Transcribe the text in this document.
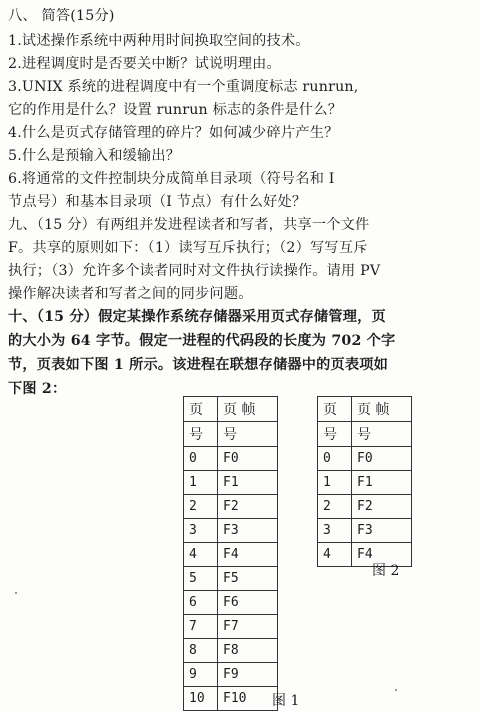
八、 简答(15分)
1.试述操作系统中两种用时间换取空间的技术。
2.进程调度时是否要关中断？试说明理由。
3.UNIX 系统的进程调度中有一个重调度标志 runrun,
它的作用是什么？设置 runrun 标志的条件是什么？
4.什么是页式存储管理的碎片？如何减少碎片产生？
5.什么是预输入和缓输出？
6.将通常的文件控制块分成简单目录项（符号名和 I
节点号）和基本目录项（I 节点）有什么好处？
九、（15 分）有两组并发进程读者和写者，共享一个文件
F。共享的原则如下：（1）读写互斥执行；（2）写写互斥
执行；（3）允许多个读者同时对文件执行读操作。请用 PV
操作解决读者和写者之间的同步问题。
十、（15 分）假定某操作系统存储器采用页式存储管理，页
的大小为 64 字节。假定一进程的代码段的长度为 702 个字
节，页表如下图 1 所示。该进程在联想存储器中的页表项如
下图 2：
页	页 帧
号	号
0	F0
1	F1
2	F2
3	F3
4	F4
5	F5
6	F6
7	F7
8	F8
9	F9
10	F10
页	页 帧
号	号
0	F0
1	F1
2	F2
3	F3
4	F4
图 2
图 1
